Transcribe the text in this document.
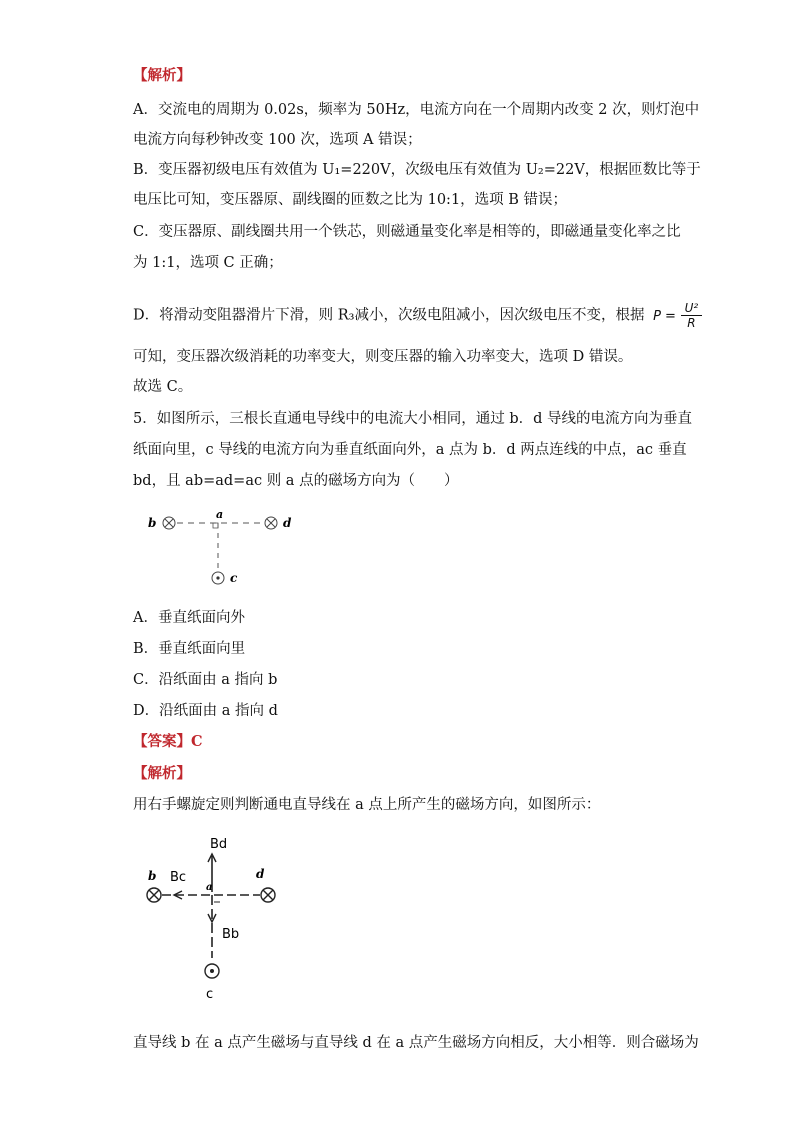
【解析】
A．交流电的周期为 0.02s，频率为 50Hz，电流方向在一个周期内改变 2 次，则灯泡中
电流方向每秒钟改变 100 次，选项 A 错误；
B．变压器初级电压有效值为 U₁=220V，次级电压有效值为 U₂=22V，根据匝数比等于
电压比可知，变压器原、副线圈的匝数之比为 10:1，选项 B 错误；
C．变压器原、副线圈共用一个铁芯，则磁通量变化率是相等的，即磁通量变化率之比
为 1:1，选项 C 正确；
D．将滑动变阻器滑片下滑，则 R₃减小，次级电阻减小，因次级电压不变，根据 $P = \frac{\text{U²}}{R}$
可知，变压器次级消耗的功率变大，则变压器的输入功率变大，选项 D 错误。
故选 C。
5．如图所示，三根长直通电导线中的电流大小相同，通过 b．d 导线的电流方向为垂直
纸面向里，c 导线的电流方向为垂直纸面向外，a 点为 b．d 两点连线的中点，ac 垂直
bd，且 ab=ad=ac 则 a 点的磁场方向为（　　）
b
a
d
c
A．垂直纸面向外
B．垂直纸面向里
C．沿纸面由 a 指向 b
D．沿纸面由 a 指向 d
【答案】C
【解析】
用右手螺旋定则判断通电直导线在 a 点上所产生的磁场方向，如图所示：
Bd
b Bc
a
Bb
d
c
直导线 b 在 a 点产生磁场与直导线 d 在 a 点产生磁场方向相反，大小相等．则合磁场为
